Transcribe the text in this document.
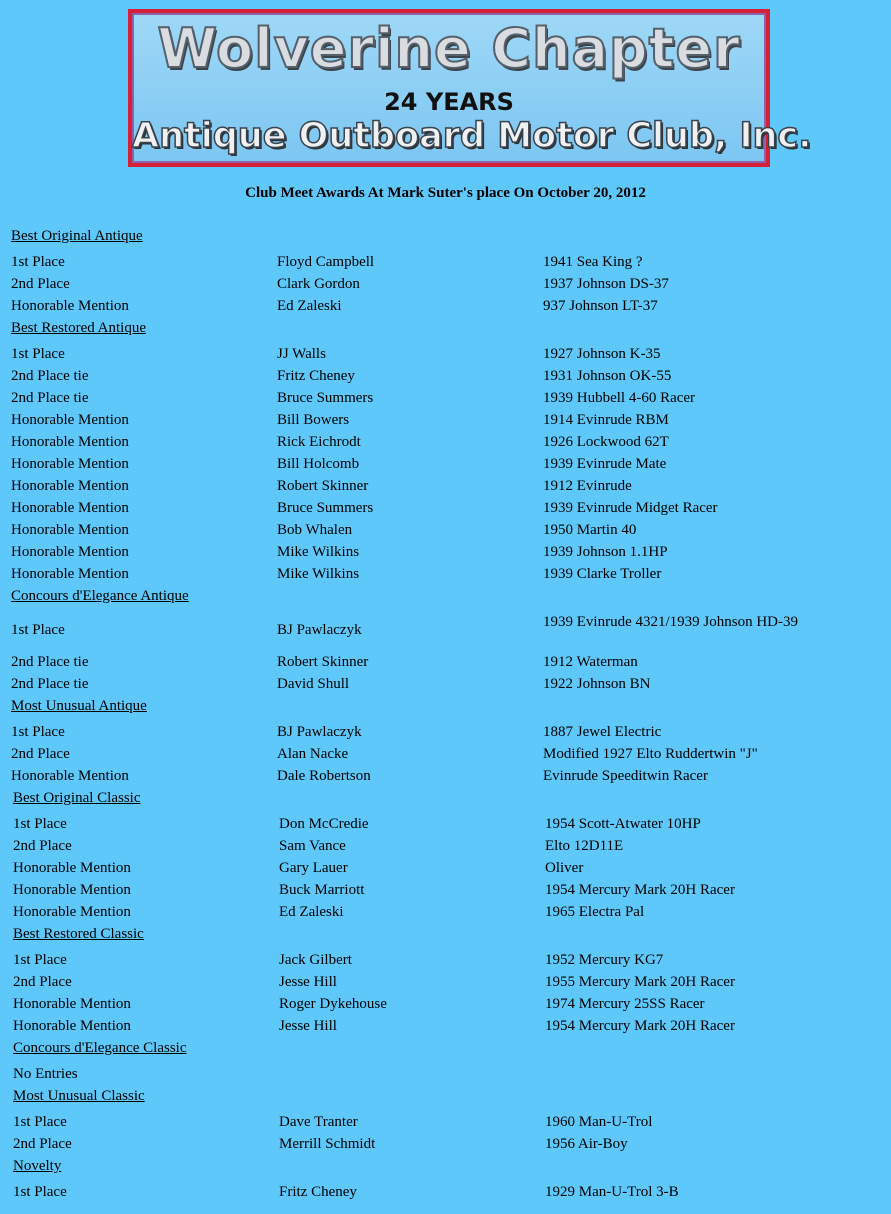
Wolverine Chapter
24 YEARS
Antique Outboard Motor Club, Inc.
Club Meet Awards At Mark Suter's place On October 20, 2012
Best Original Antique
1st Place	Floyd Campbell	1941 Sea King ?
2nd Place	Clark Gordon	1937 Johnson DS-37
Honorable Mention	Ed Zaleski	937 Johnson LT-37
Best Restored Antique
1st Place	JJ Walls	1927 Johnson K-35
2nd Place tie	Fritz Cheney	1931 Johnson OK-55
2nd Place tie	Bruce Summers	1939 Hubbell 4-60 Racer
Honorable Mention	Bill Bowers	1914 Evinrude RBM
Honorable Mention	Rick Eichrodt	1926 Lockwood 62T
Honorable Mention	Bill Holcomb	1939 Evinrude Mate
Honorable Mention	Robert Skinner	1912 Evinrude
Honorable Mention	Bruce Summers	1939 Evinrude Midget Racer
Honorable Mention	Bob Whalen	1950 Martin 40
Honorable Mention	Mike Wilkins	1939 Johnson 1.1HP
Honorable Mention	Mike Wilkins	1939 Clarke Troller
Concours d'Elegance Antique
1st Place	BJ Pawlaczyk	1939 Evinrude 4321/1939 Johnson HD-39
2nd Place tie	Robert Skinner	1912 Waterman
2nd Place tie	David Shull	1922 Johnson BN
Most Unusual Antique
1st Place	BJ Pawlaczyk	1887 Jewel Electric
2nd Place	Alan Nacke	Modified 1927 Elto Ruddertwin "J"
Honorable Mention	Dale Robertson	Evinrude Speeditwin Racer
Best Original Classic
1st Place	Don McCredie	1954 Scott-Atwater 10HP
2nd Place	Sam Vance	Elto 12D11E
Honorable Mention	Gary Lauer	Oliver
Honorable Mention	Buck Marriott	1954 Mercury Mark 20H Racer
Honorable Mention	Ed Zaleski	1965 Electra Pal
Best Restored Classic
1st Place	Jack Gilbert	1952 Mercury KG7
2nd Place	Jesse Hill	1955 Mercury Mark 20H Racer
Honorable Mention	Roger Dykehouse	1974 Mercury 25SS Racer
Honorable Mention	Jesse Hill	1954 Mercury Mark 20H Racer
Concours d'Elegance Classic
No Entries
Most Unusual Classic
1st Place	Dave Tranter	1960 Man-U-Trol
2nd Place	Merrill Schmidt	1956 Air-Boy
Novelty
1st Place	Fritz Cheney	1929 Man-U-Trol 3-B
